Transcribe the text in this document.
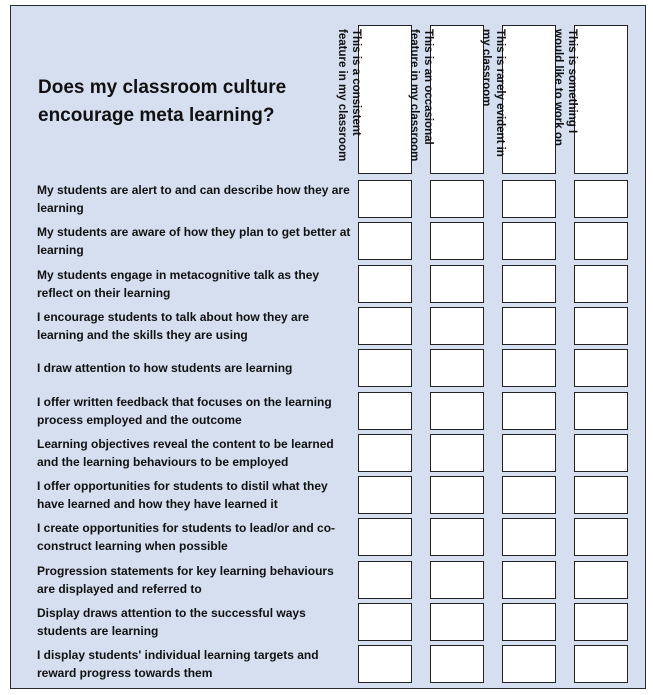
Does my classroom culture encourage meta learning?	This is a consistent feature in my classroom	This is an occasional feature in my classroom	This is rarely evident in my classroom	This is something I would like to work on
My students are alert to and can describe how they are learning
My students are aware of how they plan to get better at learning
My students engage in metacognitive talk as they reflect on their learning
I encourage students to talk about how they are learning and the skills they are using
I draw attention to how students are learning
I offer written feedback that focuses on the learning process employed and the outcome
Learning objectives reveal the content to be learned and the learning behaviours to be employed
I offer opportunities for students to distil what they have learned and how they have learned it
I create opportunities for students to lead/or and co-construct learning when possible
Progression statements for key learning behaviours are displayed and referred to
Display draws attention to the successful ways students are learning
I display students' individual learning targets and reward progress towards them
